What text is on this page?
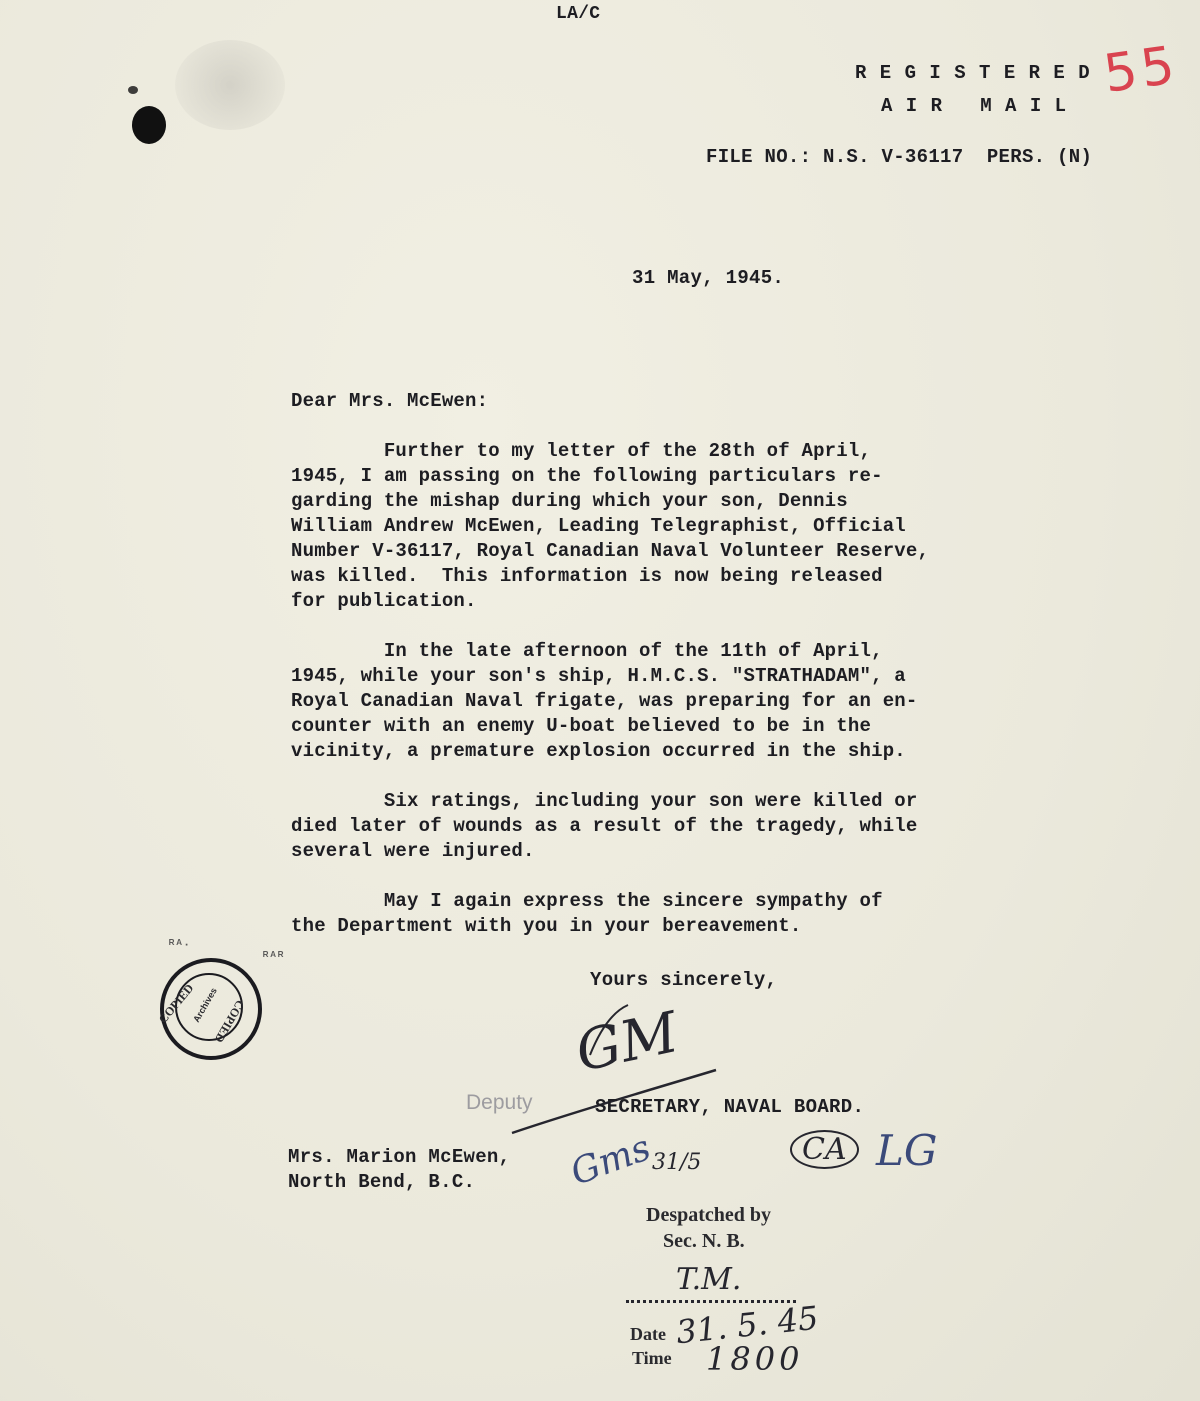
LA/C
R E G I S T E R E D
A I R   M A I L
FILE NO.: N.S. V-36117  PERS. (N)
55
31 May, 1945.
Dear Mrs. McEwen:
Further to my letter of the 28th of April,
1945, I am passing on the following particulars re-
garding the mishap during which your son, Dennis
William Andrew McEwen, Leading Telegraphist, Official
Number V-36117, Royal Canadian Naval Volunteer Reserve,
was killed.  This information is now being released
for publication.
In the late afternoon of the 11th of April,
1945, while your son's ship, H.M.C.S. "STRATHADAM", a
Royal Canadian Naval frigate, was preparing for an en-
counter with an enemy U-boat believed to be in the
vicinity, a premature explosion occurred in the ship.
Six ratings, including your son were killed or
died later of wounds as a result of the tragedy, while
several were injured.
May I again express the sincere sympathy of
the Department with you in your bereavement.
Yours sincerely,
GM
Deputy	SECRETARY, NAVAL BOARD.
Mrs. Marion McEwen,
North Bend, B.C.	Gms
31/5	CA LG
COPIED COPIED
Archives
ᴿᴬ·
ᴿᴬᴿ
Despatched by
Sec. N. B.
T.M.
Date 31. 5. 45
Time 1800
